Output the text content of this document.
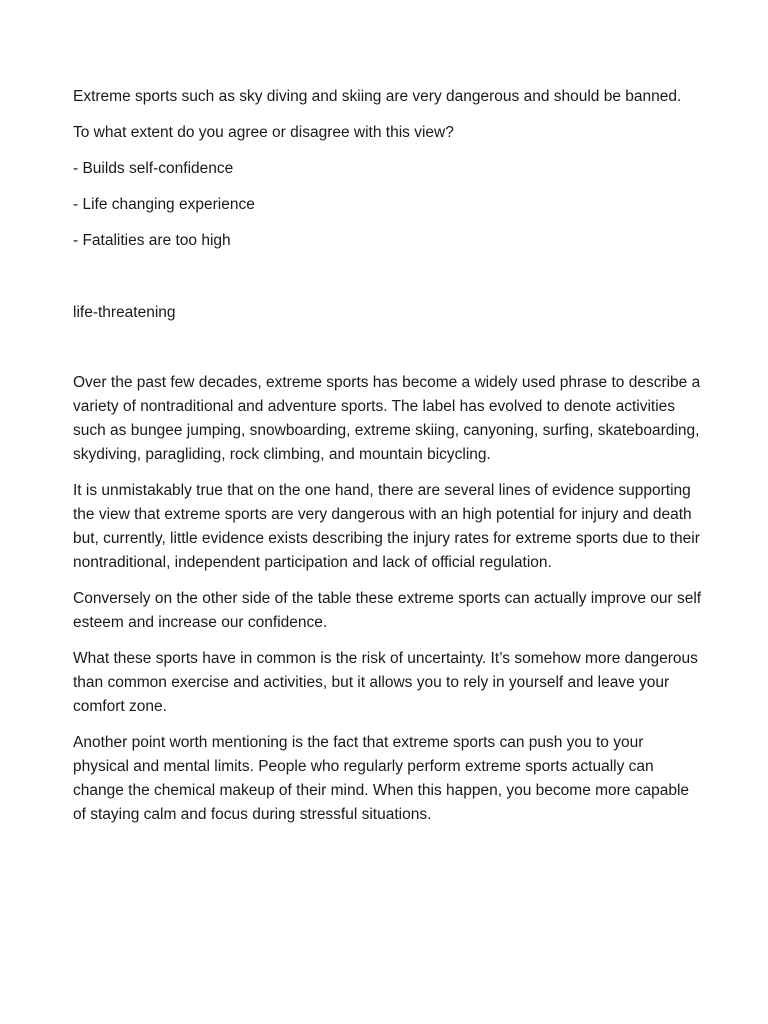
Extreme sports such as sky diving and skiing are very dangerous and should be banned.

To what extent do you agree or disagree with this view?

- Builds self-confidence

- Life changing experience

- Fatalities are too high

life-threatening

Over the past few decades, extreme sports has become a widely used phrase to describe a variety of nontraditional and adventure sports. The label has evolved to denote activities such as bungee jumping, snowboarding, extreme skiing, canyoning, surfing, skateboarding, skydiving, paragliding, rock climbing, and mountain bicycling.

It is unmistakably true that on the one hand, there are several lines of evidence supporting the view that extreme sports are very dangerous with an high potential for injury and death but, currently, little evidence exists describing the injury rates for extreme sports due to their nontraditional, independent participation and lack of official regulation.

Conversely on the other side of the table these extreme sports can actually improve our self esteem and increase our confidence.

What these sports have in common is the risk of uncertainty. It’s somehow more dangerous than common exercise and activities, but it allows you to rely in yourself and leave your comfort zone.

Another point worth mentioning is the fact that extreme sports can push you to your physical and mental limits. People who regularly perform extreme sports actually can change the chemical makeup of their mind. When this happen, you become more capable of staying calm and focus during stressful situations.
